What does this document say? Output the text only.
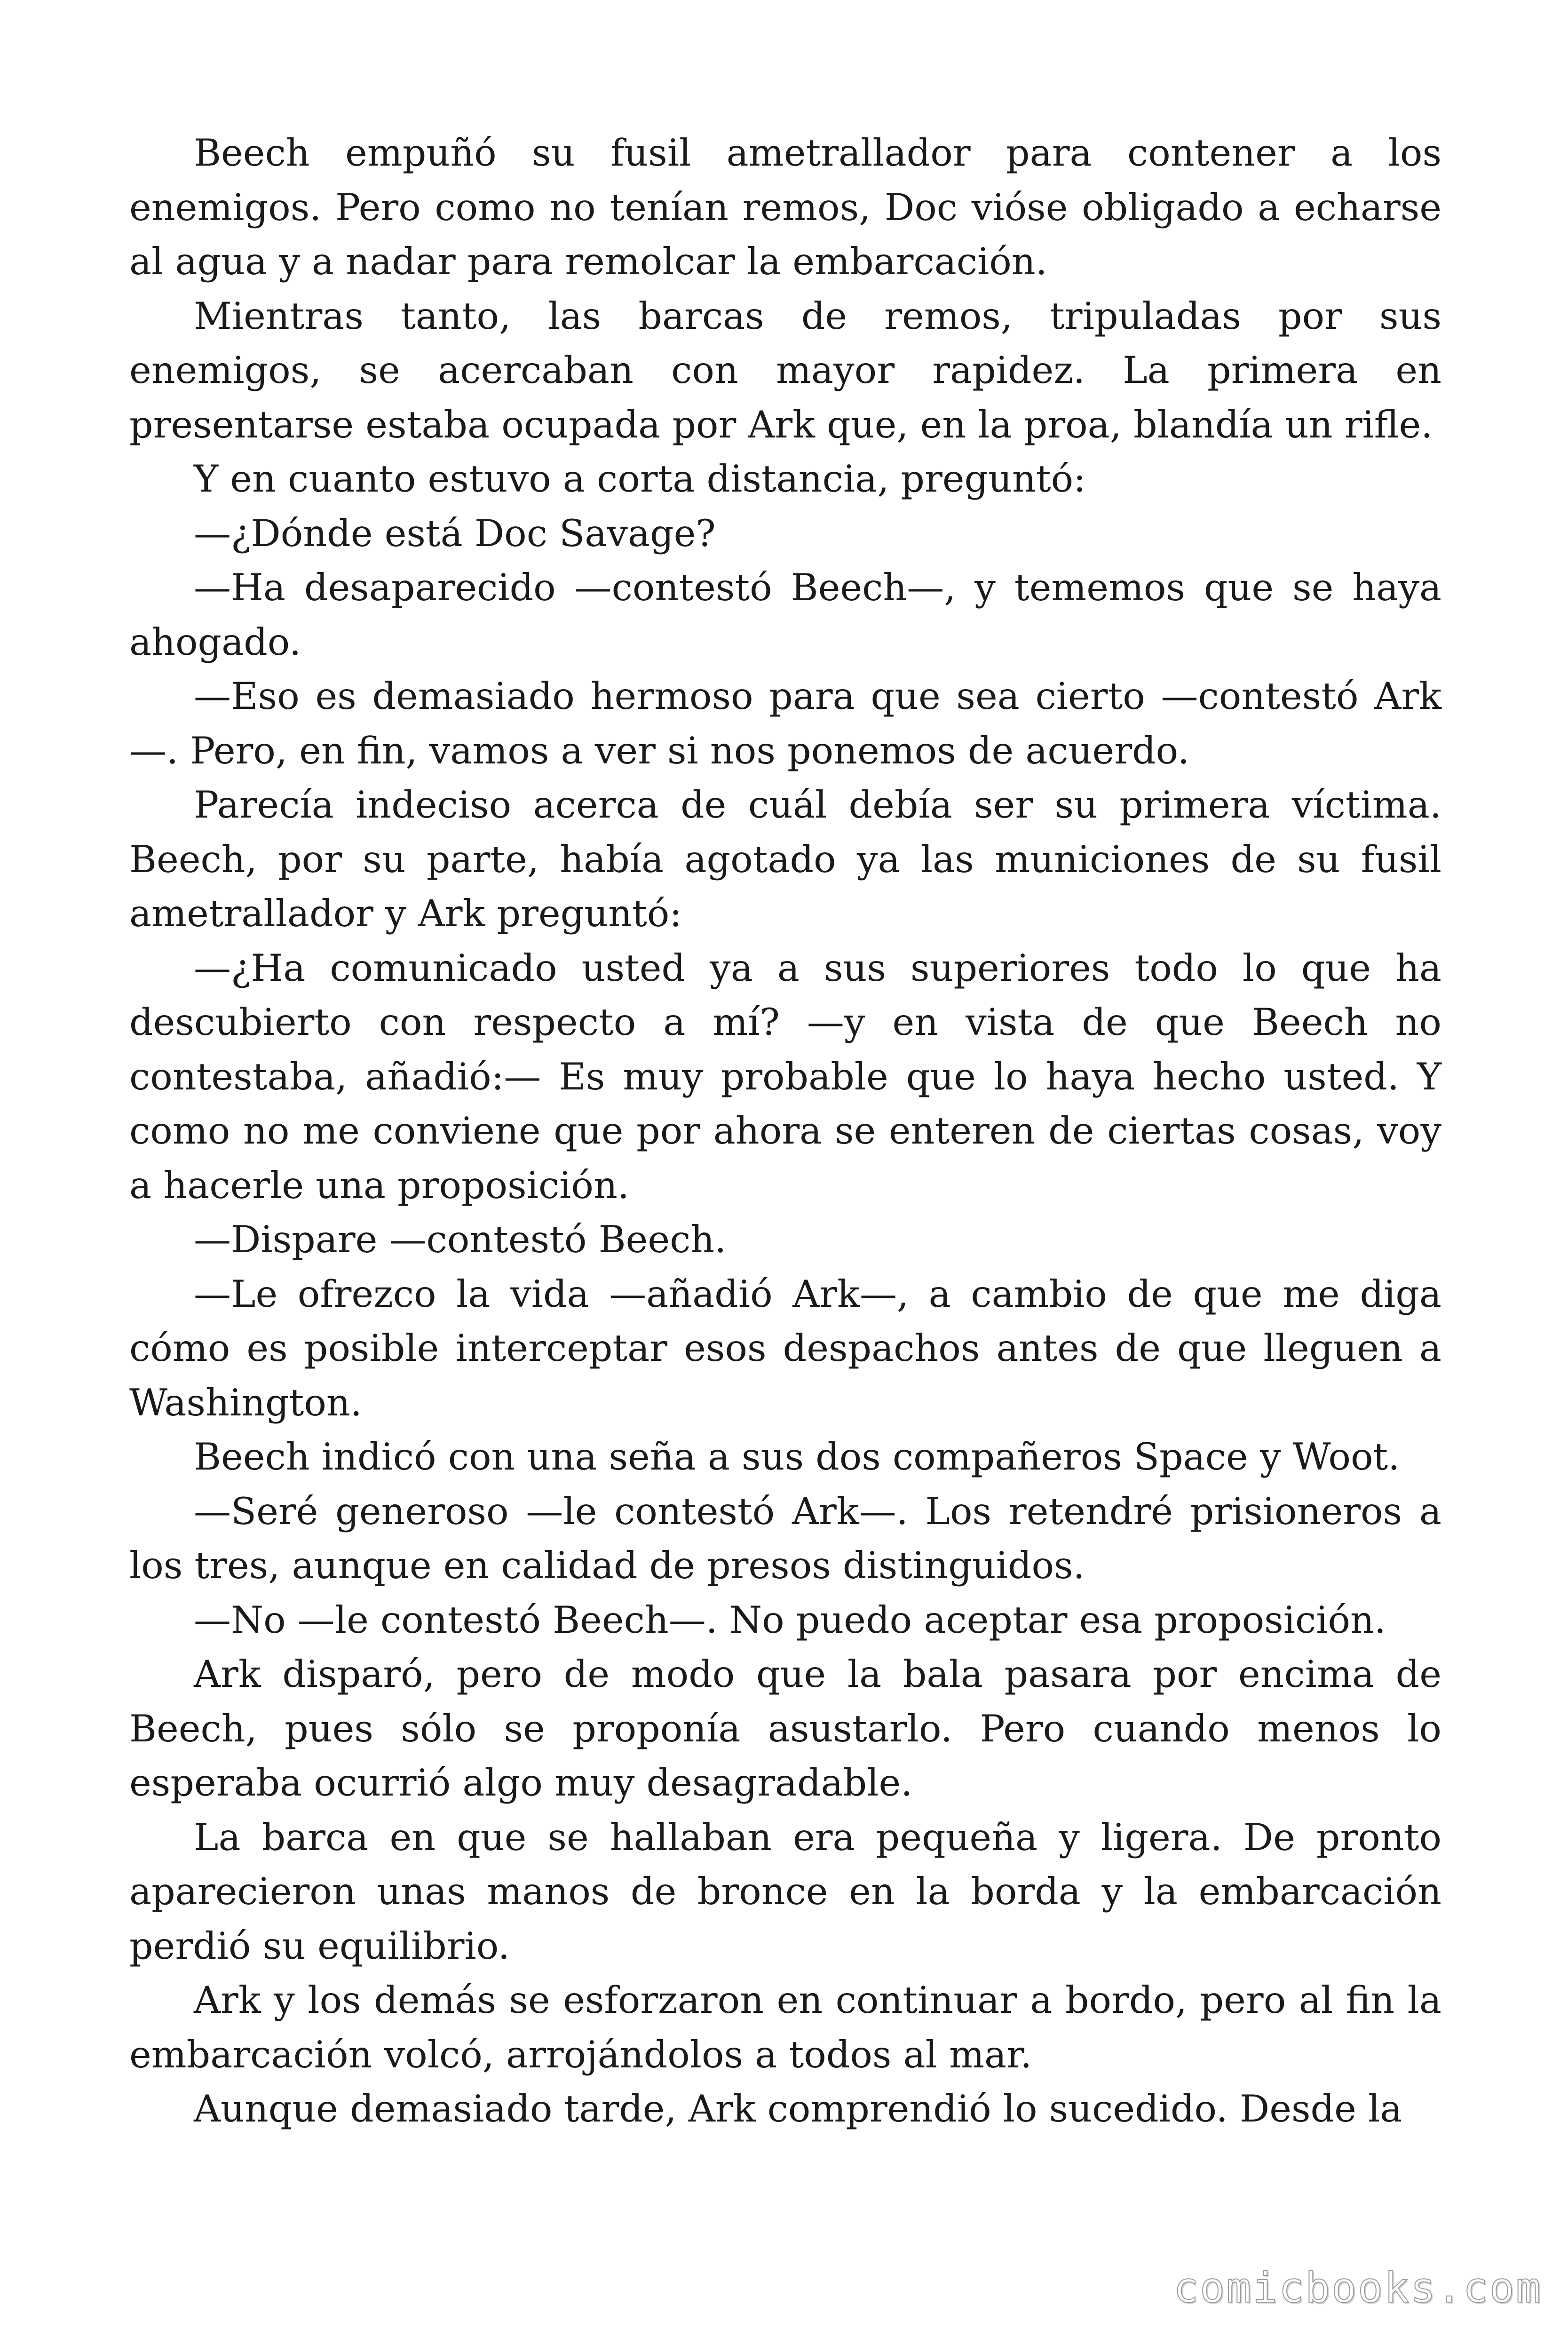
Beech empuñó su fusil ametrallador para contener a los enemigos. Pero como no tenían remos, Doc vióse obligado a echarse al agua y a nadar para remolcar la embarcación.

Mientras tanto, las barcas de remos, tripuladas por sus enemigos, se acercaban con mayor rapidez. La primera en presentarse estaba ocupada por Ark que, en la proa, blandía un rifle.

Y en cuanto estuvo a corta distancia, preguntó:

—¿Dónde está Doc Savage?

—Ha desaparecido —contestó Beech—, y tememos que se haya ahogado.

—Eso es demasiado hermoso para que sea cierto —contestó Ark —. Pero, en fin, vamos a ver si nos ponemos de acuerdo.

Parecía indeciso acerca de cuál debía ser su primera víctima. Beech, por su parte, había agotado ya las municiones de su fusil ametrallador y Ark preguntó:

—¿Ha comunicado usted ya a sus superiores todo lo que ha descubierto con respecto a mí? —y en vista de que Beech no contestaba, añadió:— Es muy probable que lo haya hecho usted. Y como no me conviene que por ahora se enteren de ciertas cosas, voy a hacerle una proposición.

—Dispare —contestó Beech.

—Le ofrezco la vida —añadió Ark—, a cambio de que me diga cómo es posible interceptar esos despachos antes de que lleguen a Washington.

Beech indicó con una seña a sus dos compañeros Space y Woot.

—Seré generoso —le contestó Ark—. Los retendré prisioneros a los tres, aunque en calidad de presos distinguidos.

—No —le contestó Beech—. No puedo aceptar esa proposición.

Ark disparó, pero de modo que la bala pasara por encima de Beech, pues sólo se proponía asustarlo. Pero cuando menos lo esperaba ocurrió algo muy desagradable.

La barca en que se hallaban era pequeña y ligera. De pronto aparecieron unas manos de bronce en la borda y la embarcación perdió su equilibrio.

Ark y los demás se esforzaron en continuar a bordo, pero al fin la embarcación volcó, arrojándolos a todos al mar.

Aunque demasiado tarde, Ark comprendió lo sucedido. Desde la

comicbooks.com
